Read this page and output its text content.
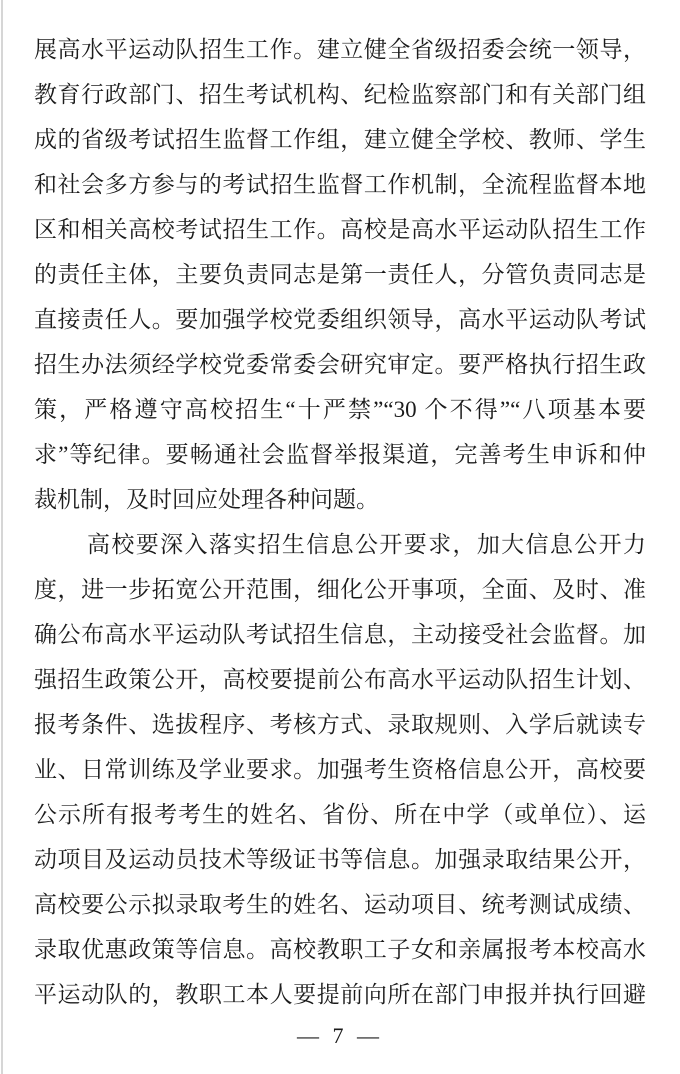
展高水平运动队招生工作。建立健全省级招委会统一领导，
教育行政部门、招生考试机构、纪检监察部门和有关部门组
成的省级考试招生监督工作组，建立健全学校、教师、学生
和社会多方参与的考试招生监督工作机制，全流程监督本地
区和相关高校考试招生工作。高校是高水平运动队招生工作
的责任主体，主要负责同志是第一责任人，分管负责同志是
直接责任人。要加强学校党委组织领导，高水平运动队考试
招生办法须经学校党委常委会研究审定。要严格执行招生政
策，严格遵守高校招生“十严禁”“30 个不得”“八项基本要
求”等纪律。要畅通社会监督举报渠道，完善考生申诉和仲
裁机制，及时回应处理各种问题。
高校要深入落实招生信息公开要求，加大信息公开力
度，进一步拓宽公开范围，细化公开事项，全面、及时、准
确公布高水平运动队考试招生信息，主动接受社会监督。加
强招生政策公开，高校要提前公布高水平运动队招生计划、
报考条件、选拔程序、考核方式、录取规则、入学后就读专
业、日常训练及学业要求。加强考生资格信息公开，高校要
公示所有报考考生的姓名、省份、所在中学（或单位）、运
动项目及运动员技术等级证书等信息。加强录取结果公开，
高校要公示拟录取考生的姓名、运动项目、统考测试成绩、
录取优惠政策等信息。高校教职工子女和亲属报考本校高水
平运动队的，教职工本人要提前向所在部门申报并执行回避
— 7 —
